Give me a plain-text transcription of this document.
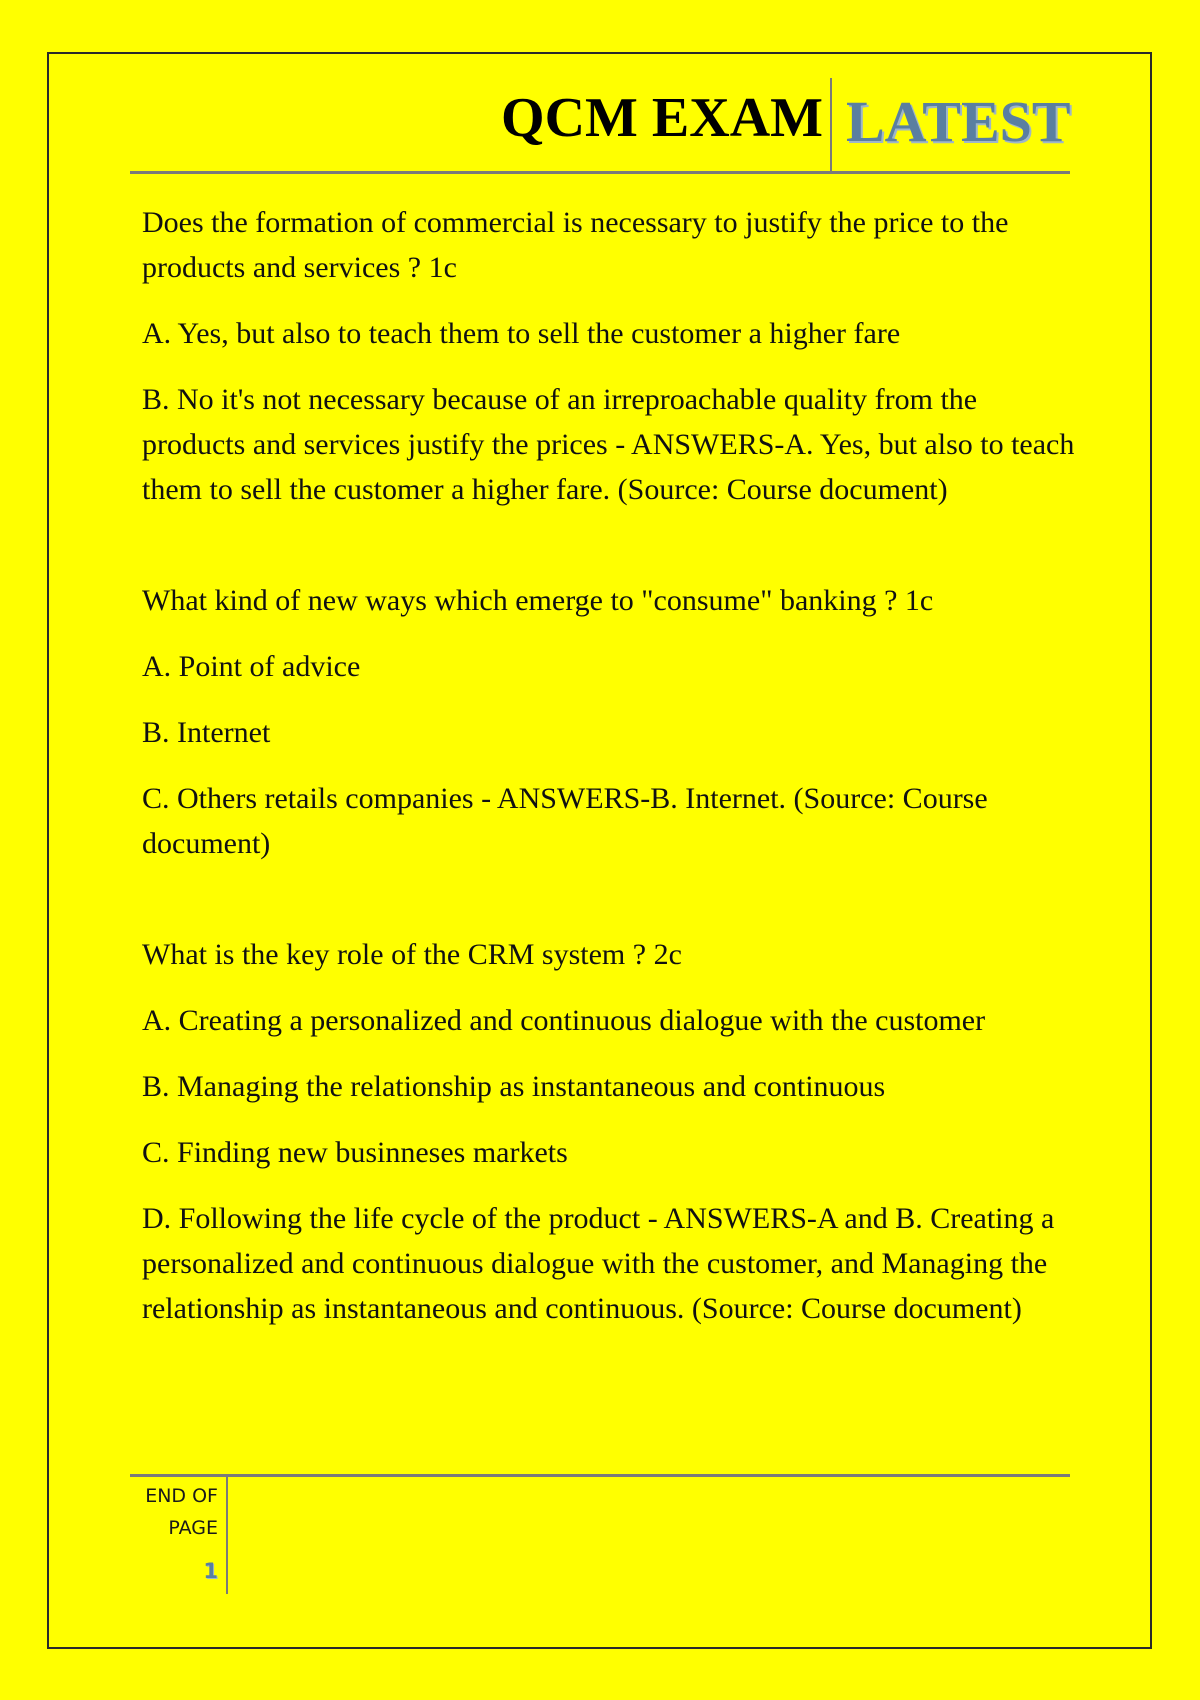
QCM EXAM LATEST

Does the formation of commercial is necessary to justify the price to the products and services ? 1c

A. Yes, but also to teach them to sell the customer a higher fare

B. No it's not necessary because of an irreproachable quality from the products and services justify the prices - ANSWERS-A. Yes, but also to teach them to sell the customer a higher fare. (Source: Course document)

What kind of new ways which emerge to "consume" banking ? 1c

A. Point of advice

B. Internet

C. Others retails companies - ANSWERS-B. Internet. (Source: Course document)

What is the key role of the CRM system ? 2c

A. Creating a personalized and continuous dialogue with the customer

B. Managing the relationship as instantaneous and continuous

C. Finding new businneses markets

D. Following the life cycle of the product - ANSWERS-A and B. Creating a personalized and continuous dialogue with the customer, and Managing the relationship as instantaneous and continuous. (Source: Course document)

END OF
PAGE
1
